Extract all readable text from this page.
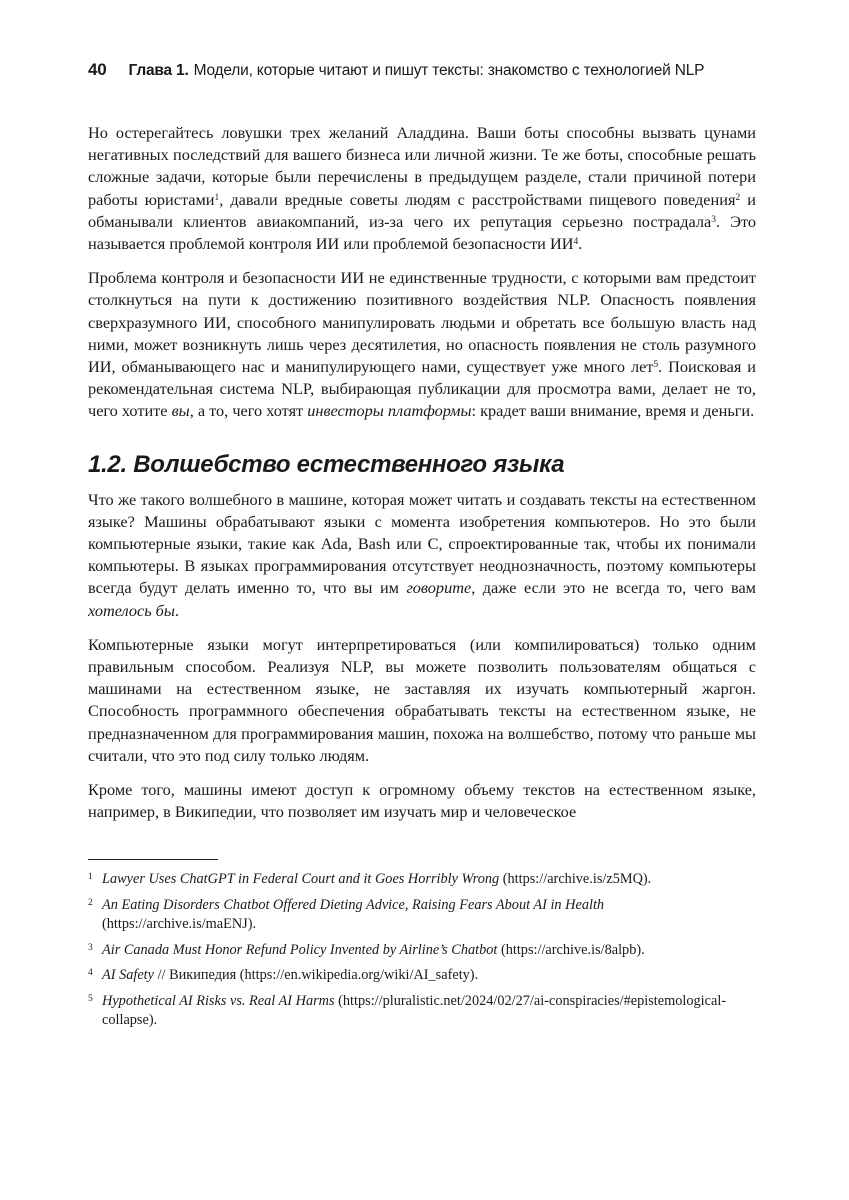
40 Глава 1. Модели, которые читают и пишут тексты: знакомство с технологией NLP

Но остерегайтесь ловушки трех желаний Аладдина. Ваши боты способны вызвать цунами негативных последствий для вашего бизнеса или личной жизни. Те же боты, способные решать сложные задачи, которые были перечислены в предыдущем разделе, стали причиной потери работы юристами$^1$, давали вредные советы людям с расстройствами пищевого поведения$^2$ и обманывали клиентов авиакомпаний, из-за чего их репутация серьезно пострадала$^3$. Это называется проблемой контроля ИИ или проблемой безопасности $ИИ^4$.

Проблема контроля и безопасности ИИ не единственные трудности, с которыми вам предстоит столкнуться на пути к достижению позитивного воздействия NLP. Опасность появления сверхразумного ИИ, способного манипулировать людьми и обретать все большую власть над ними, может возникнуть лишь через десятилетия, но опасность появления не столь разумного ИИ, обманывающего нас и манипулирующего нами, существует уже много лет$^5$. Поисковая и рекомендательная система NLP, выбирающая публикации для просмотра вами, делает не то, чего хотите вы, а то, чего хотят инвесторы платформы: крадет ваши внимание, время и деньги.

1.2. Волшебство естественного языка

Что же такого волшебного в машине, которая может читать и создавать тексты на естественном языке? Машины обрабатывают языки с момента изобретения компьютеров. Но это были компьютерные языки, такие как Ada, Bash или C, спроектированные так, чтобы их понимали компьютеры. В языках программирования отсутствует неоднозначность, поэтому компьютеры всегда будут делать именно то, что вы им говорите, даже если это не всегда то, чего вам хотелось бы.

Компьютерные языки могут интерпретироваться (или компилироваться) только одним правильным способом. Реализуя NLP, вы можете позволить пользователям общаться с машинами на естественном языке, не заставляя их изучать компьютерный жаргон. Способность программного обеспечения обрабатывать тексты на естественном языке, не предназначенном для программирования машин, похожа на волшебство, потому что раньше мы считали, что это под силу только людям.

Кроме того, машины имеют доступ к огромному объему текстов на естественном языке, например, в Википедии, что позволяет им изучать мир и человеческое

1 Lawyer Uses ChatGPT in Federal Court and it Goes Horribly Wrong (https://archive.is/z5MQ).
2 An Eating Disorders Chatbot Offered Dieting Advice, Raising Fears About AI in Health (https://archive.is/maENJ).
3 Air Canada Must Honor Refund Policy Invented by Airline’s Chatbot (https://archive.is/8alpb).
4 AI Safety // Википедия (https://en.wikipedia.org/wiki/AI_safety).
5 Hypothetical AI Risks vs. Real AI Harms (https://pluralistic.net/2024/02/27/ai-conspiracies/#epistemological-collapse).
